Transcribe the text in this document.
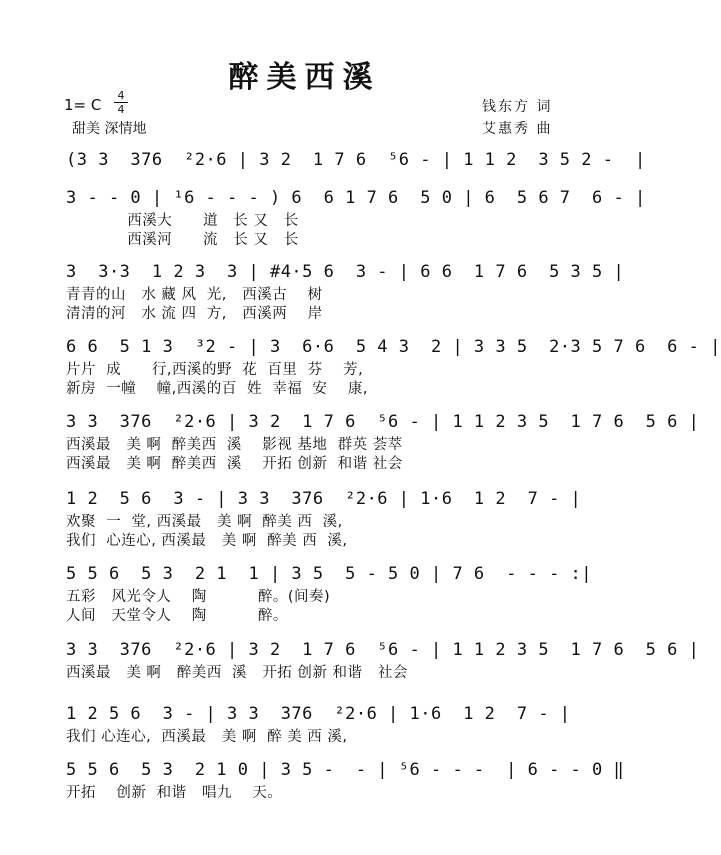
醉美西溪
1= C
4
4
甜美 深情地
钱东方 词
艾惠秀 曲
(3 3  376  ²2·6 | 3 2  1 7 6  ⁵6 - | 1 1 2  3 5 2 -  |
3 - - 0 | ¹6 - - - ) 6  6 1 7 6  5 0 | 6  5 6 7  6 - |
西溪大      道   长 又   长
西溪河      流   长 又   长
3  3·3  1 2 3  3 | #4·5 6  3 - | 6 6  1 7 6  5 3 5 |
青青的山   水 藏 风  光,   西溪古    树
清清的河   水 流 四  方,   西溪两    岸
6 6  5 1 3  ³2 - | 3  6·6  5 4 3  2 | 3 3 5  2·3 5 7 6  6 - |
片片  成      行,西溪的野  花  百里  芬    芳,
新房  一幢    幢,西溪的百  姓  幸福  安    康,
3 3  376  ²2·6 | 3 2  1 7 6  ⁵6 - | 1 1 2 3 5  1 7 6  5 6 |
西溪最   美 啊  醉美西  溪    影视 基地  群英 荟萃
西溪最   美 啊  醉美西  溪    开拓 创新  和谐 社会
1 2  5 6  3 - | 3 3  376  ²2·6 | 1·6  1 2  7 - |
欢聚  一  堂, 西溪最   美 啊  醉美 西  溪,
我们  心连心, 西溪最   美 啊  醉美 西  溪,
5 5 6  5 3  2 1  1 | 3 5  5 - 5 0 | 7 6  - - - :|
五彩   风光令人    陶          醉。(间奏)
人间   天堂令人    陶          醉。
3 3  376  ²2·6 | 3 2  1 7 6  ⁵6 - | 1 1 2 3 5  1 7 6  5 6 |
西溪最   美 啊   醉美西  溪   开拓 创新 和谐   社会
1 2 5 6  3 - | 3 3  376  ²2·6 | 1·6  1 2  7 - |
我们 心连心,  西溪最   美 啊  醉 美 西 溪,
5 5 6  5 3  2 1 0 | 3 5 -  - | ⁵6 - - -  | 6 - - 0 ‖
开拓    创新  和谐   唱九    天。
